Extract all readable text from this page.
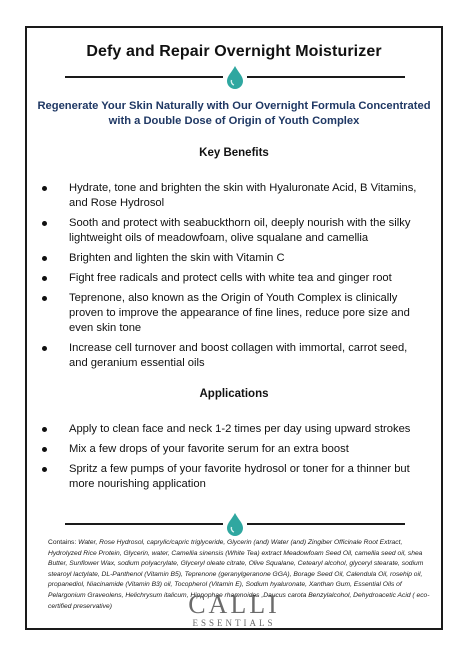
Defy and Repair Overnight Moisturizer
Regenerate Your Skin Naturally with Our Overnight Formula Concentrated
with a Double Dose of Origin of Youth Complex
Key Benefits
Hydrate, tone and brighten the skin with Hyaluronate Acid, B Vitamins, and Rose Hydrosol
Sooth and protect with seabuckthorn oil, deeply nourish with the silky lightweight oils of meadowfoam, olive squalane and camellia
Brighten and lighten the skin with Vitamin C
Fight free radicals and protect cells with white tea and ginger root
Teprenone, also known as the Origin of Youth Complex is clinically proven to improve the appearance of fine lines, reduce pore size and even skin tone
Increase cell turnover and boost collagen with immortal, carrot seed, and geranium essential oils
Applications
Apply to clean face and neck 1-2 times per day using upward strokes
Mix a few drops of your favorite serum for an extra boost
Spritz a few pumps of your favorite hydrosol or toner for a thinner but more nourishing application
Contains: Water, Rose Hydrosol, caprylic/capric triglyceride, Glycerin (and) Water (and) Zingiber Officinale Root Extract, Hydrolyzed Rice Protein, Glycerin, water, Camellia sinensis (White Tea) extract Meadowfoam Seed Oil, camellia seed oil, shea Butter, Sunflower Wax, sodium polyacrylate, Glyceryl oleate citrate, Olive Squalane, Cetearyl alcohol, glyceryl stearate, sodium stearoyl lactylate, DL-Panthenol (Vitamin B5), Teprenone (geranylgeranone GGA), Borage Seed Oil, Calendula Oil, rosehip oil, propanediol, Niacinamide (Vitamin B3) oil, Tocopherol (Vitamin E), Sodium hyaluronate, Xanthan Gum, Essential Oils of Pelargonium Graveolens, Helichrysum italicum, Hippophae rhamnoides ,Daucus carota Benzylalcohol, Dehydroacetic Acid ( eco-certified preservative)	CALLI
ESSENTIALS
